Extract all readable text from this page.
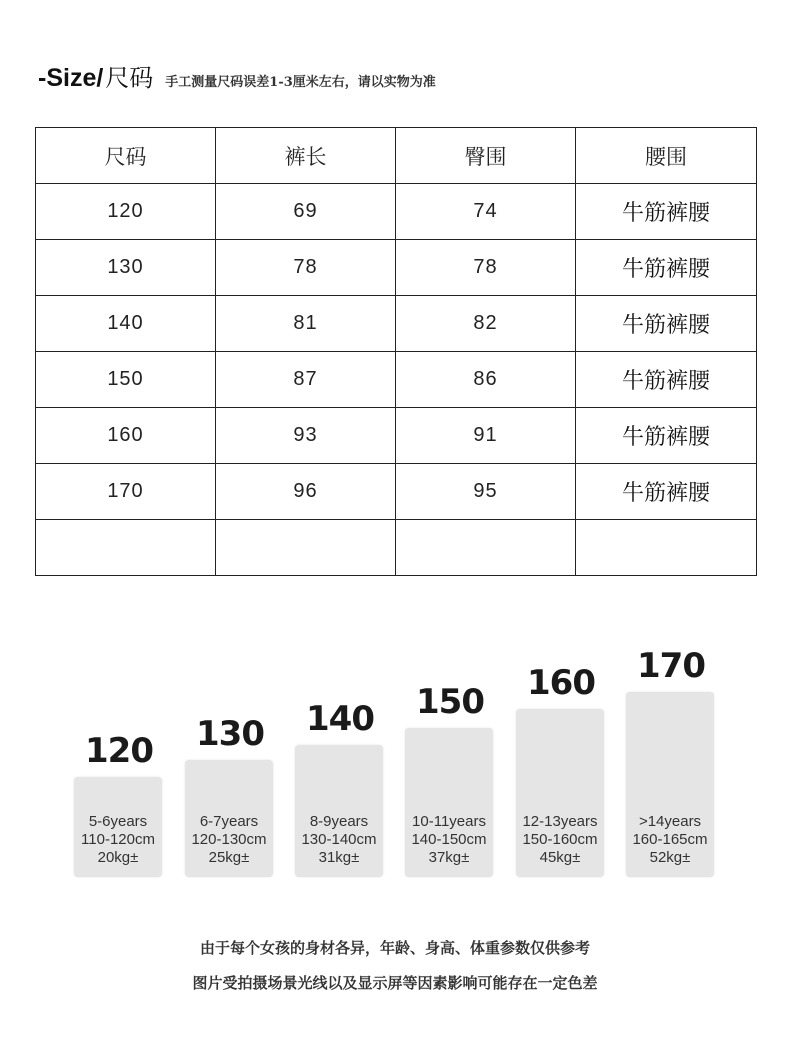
-Size/ 尺码 手工测量尺码误差1-3厘米左右，请以实物为准
尺码	裤长	臀围	腰围
120	69	74	牛筋裤腰
130	78	78	牛筋裤腰
140	81	82	牛筋裤腰
150	87	86	牛筋裤腰
160	93	91	牛筋裤腰
170	96	95	牛筋裤腰

120
5-6years
110-120cm
20kg±
130
6-7years
120-130cm
25kg±
140
8-9years
130-140cm
31kg±
150
10-11years
140-150cm
37kg±
160
12-13years
150-160cm
45kg±
170
>14years
160-165cm
52kg±
由于每个女孩的身材各异，年龄、身高、体重参数仅供参考
图片受拍摄场景光线以及显示屏等因素影响可能存在一定色差
